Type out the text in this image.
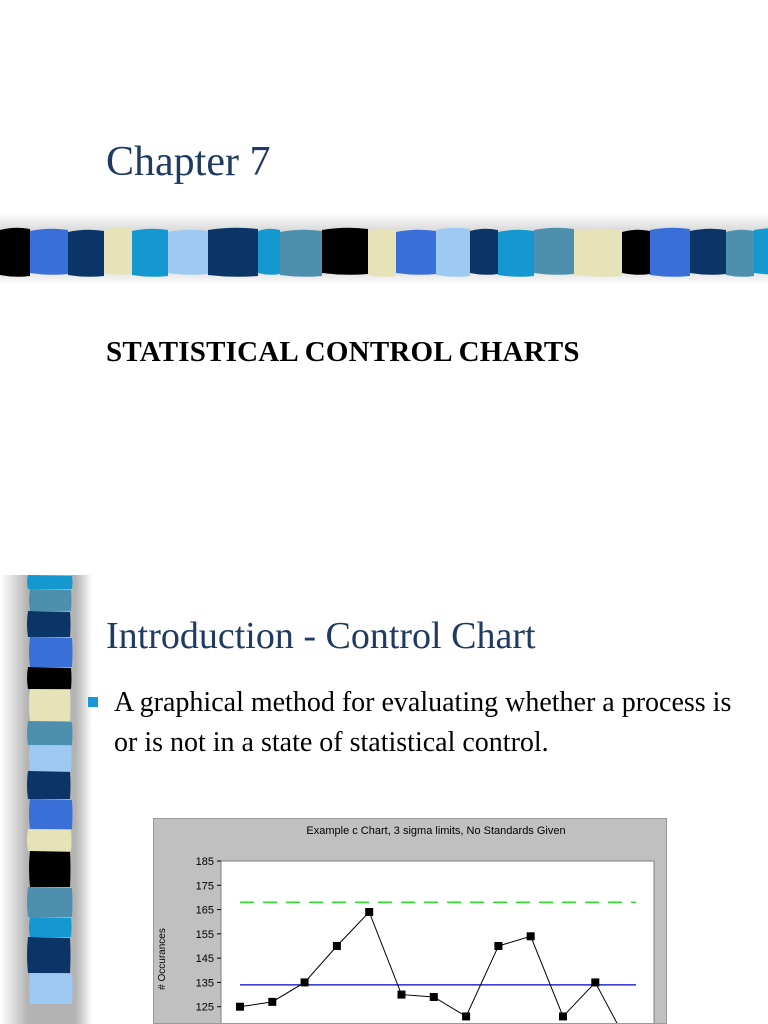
Chapter 7
STATISTICAL CONTROL CHARTS
Introduction - Control Chart

A graphical method for evaluating whether a process is or is not in a state of statistical control.

Example c Chart, 3 sigma limits, No Standards Given
# Occurances
185
175
165
155
145
135
125
